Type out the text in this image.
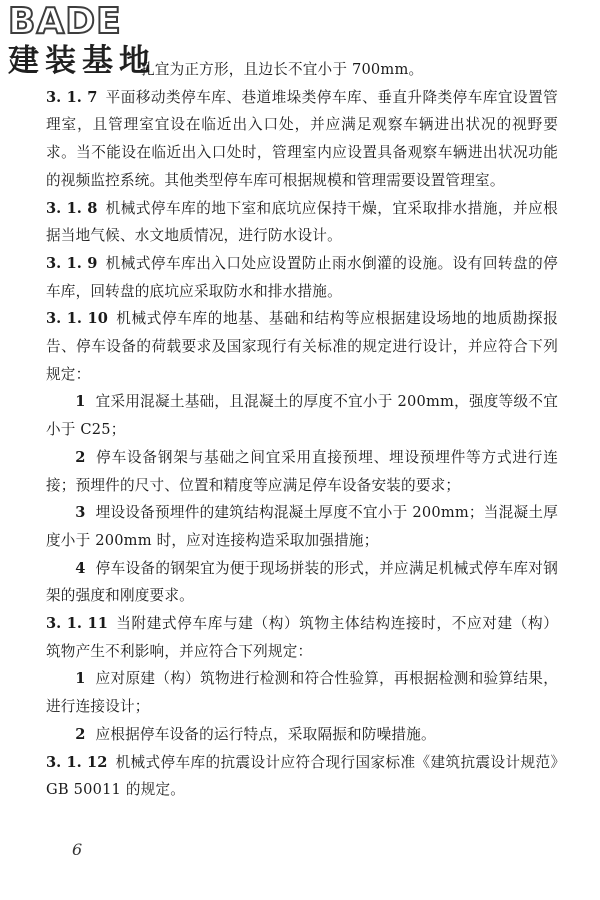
BADE
建装基地

孔宜为正方形，且边长不宜小于 700mm。

3. 1. 7 平面移动类停车库、巷道堆垛类停车库、垂直升降类停车库宜设置管理室，且管理室宜设在临近出入口处，并应满足观察车辆进出状况的视野要求。当不能设在临近出入口处时，管理室内应设置具备观察车辆进出状况功能的视频监控系统。其他类型停车库可根据规模和管理需要设置管理室。

3. 1. 8 机械式停车库的地下室和底坑应保持干燥，宜采取排水措施，并应根据当地气候、水文地质情况，进行防水设计。

3. 1. 9 机械式停车库出入口处应设置防止雨水倒灌的设施。设有回转盘的停车库，回转盘的底坑应采取防水和排水措施。

3. 1. 10 机械式停车库的地基、基础和结构等应根据建设场地的地质勘探报告、停车设备的荷载要求及国家现行有关标准的规定进行设计，并应符合下列规定：

1 宜采用混凝土基础，且混凝土的厚度不宜小于 200mm，强度等级不宜小于 C25；

2 停车设备钢架与基础之间宜采用直接预埋、埋设预埋件等方式进行连接；预埋件的尺寸、位置和精度等应满足停车设备安装的要求；

3 埋设设备预埋件的建筑结构混凝土厚度不宜小于 200mm；当混凝土厚度小于 200mm 时，应对连接构造采取加强措施；

4 停车设备的钢架宜为便于现场拼装的形式，并应满足机械式停车库对钢架的强度和刚度要求。

3. 1. 11 当附建式停车库与建（构）筑物主体结构连接时，不应对建（构）筑物产生不利影响，并应符合下列规定：

1 应对原建（构）筑物进行检测和符合性验算，再根据检测和验算结果，进行连接设计；

2 应根据停车设备的运行特点，采取隔振和防噪措施。

3. 1. 12 机械式停车库的抗震设计应符合现行国家标准《建筑抗震设计规范》GB 50011 的规定。

6
